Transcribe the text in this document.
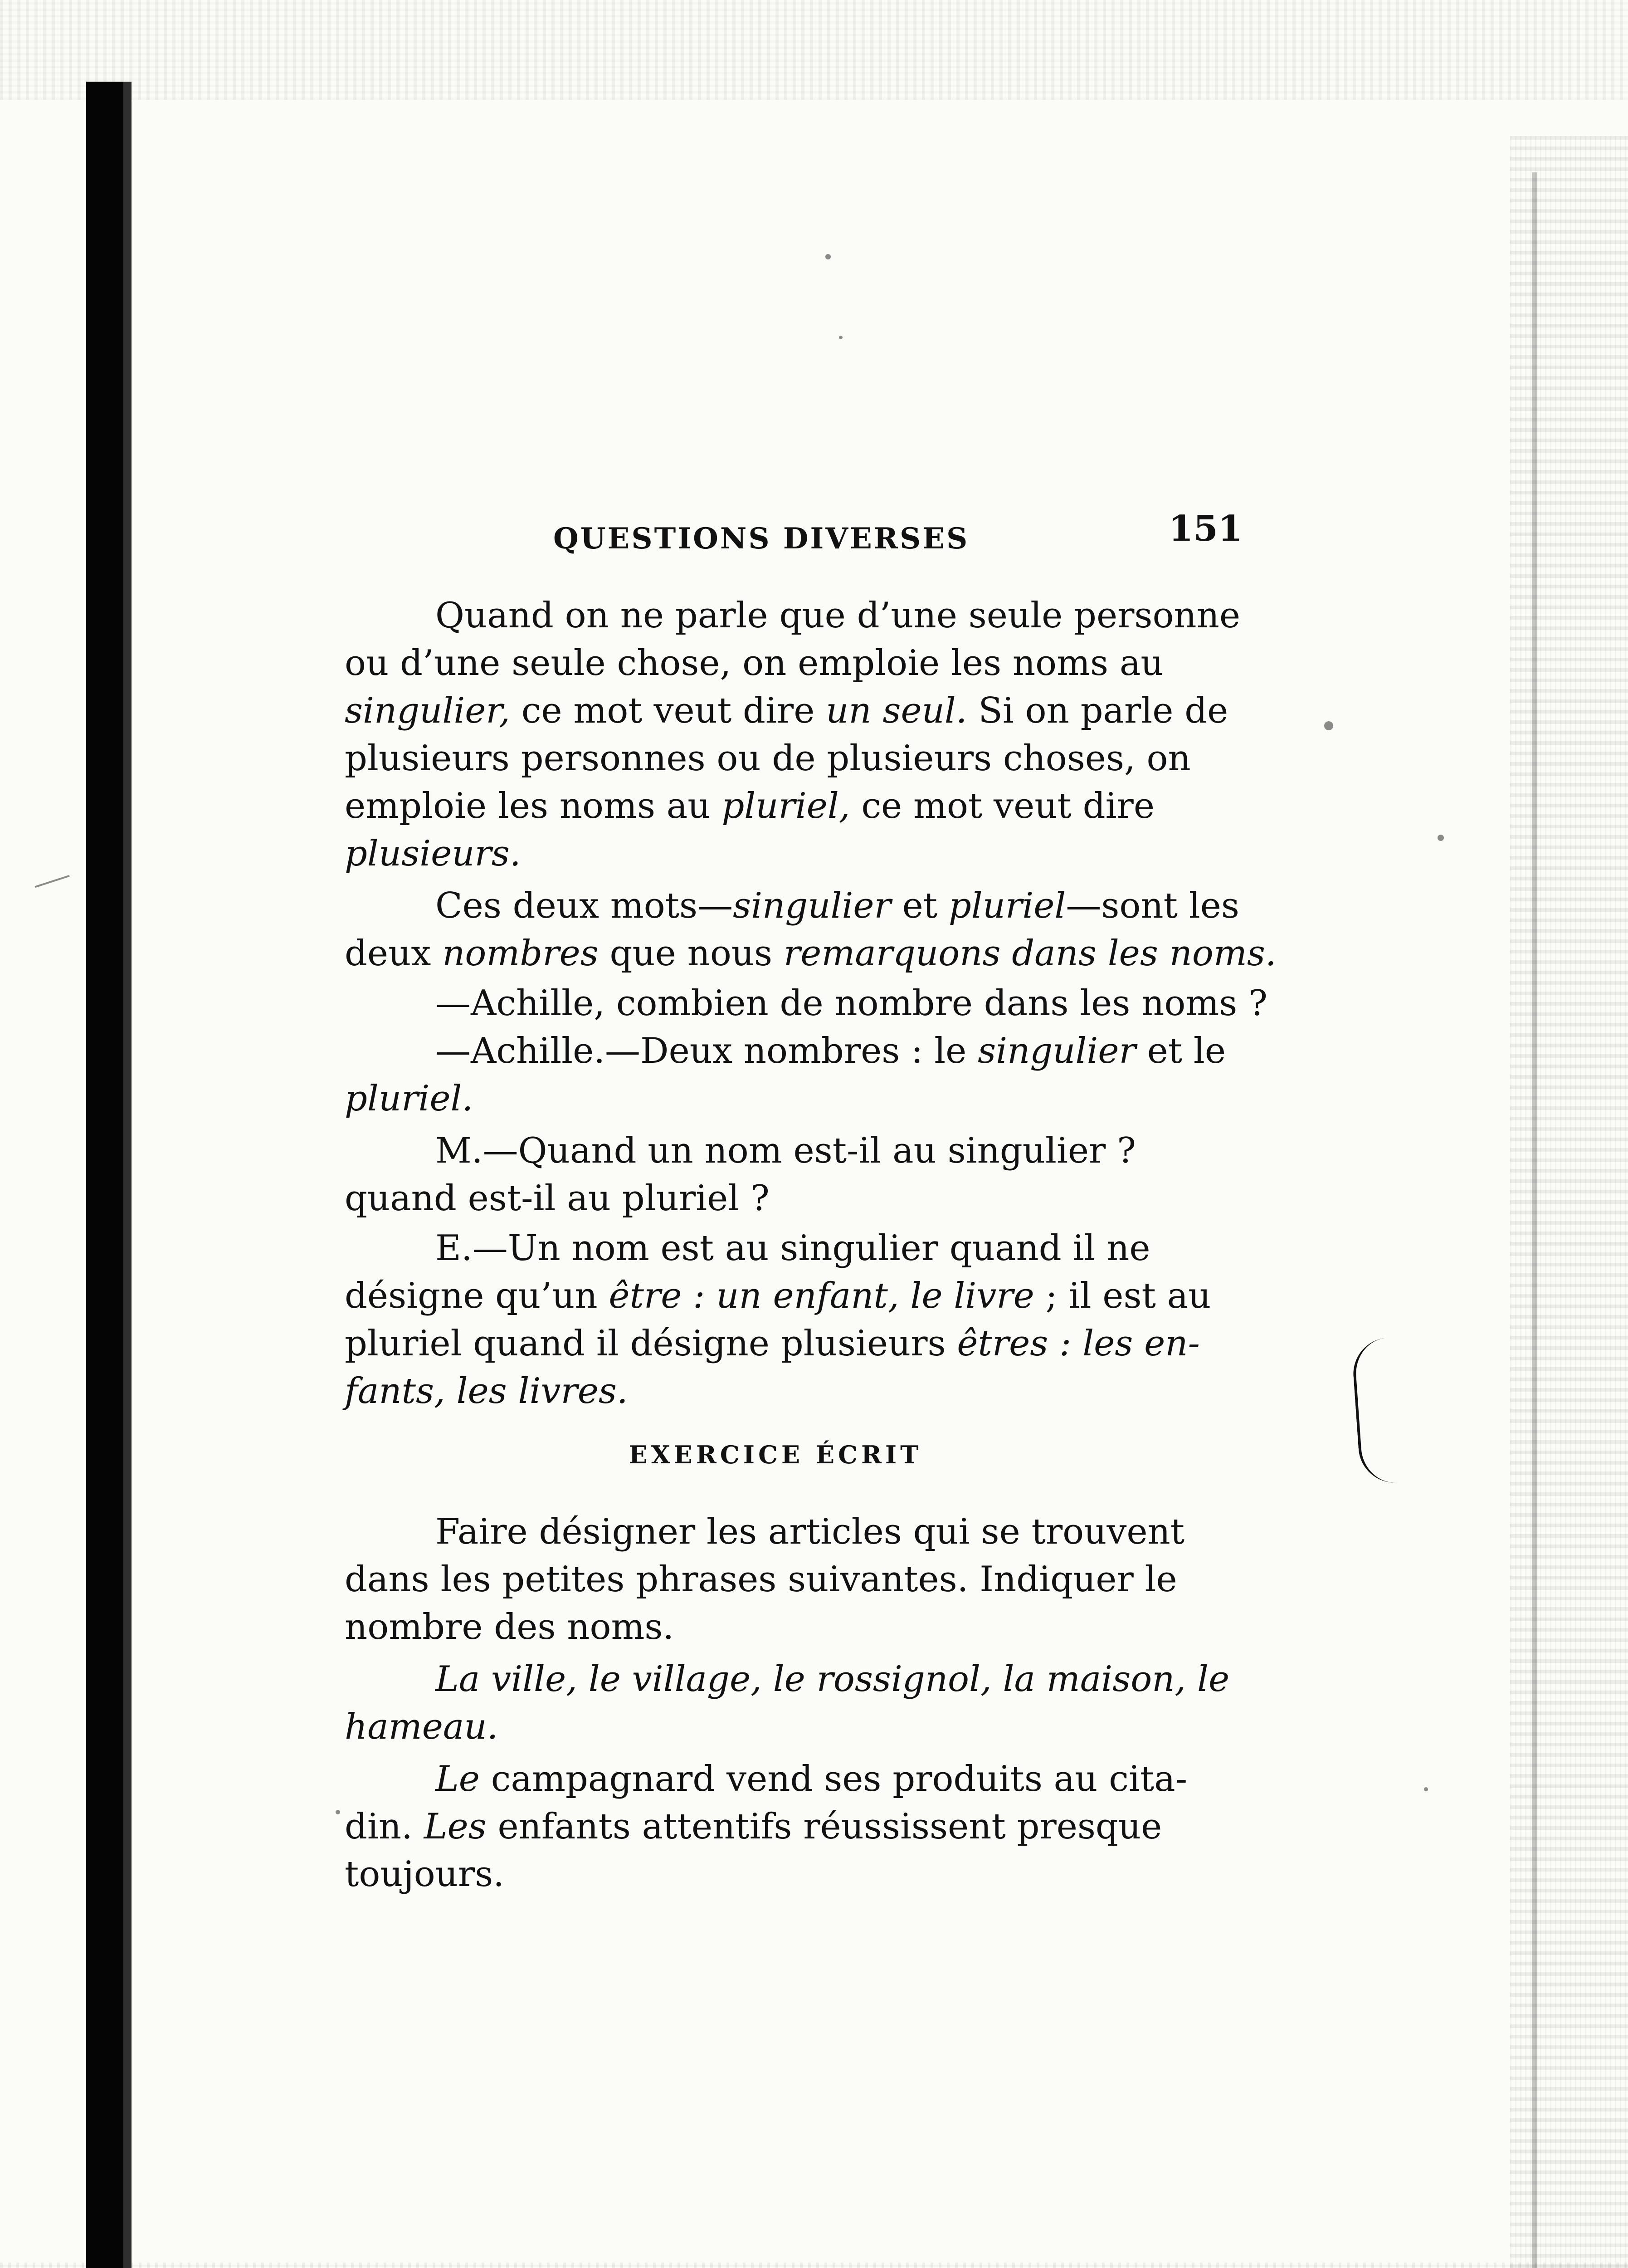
QUESTIONS DIVERSES	151
Quand on ne parle que d’une seule personne
ou d’une seule chose, on emploie les noms au
singulier, ce mot veut dire un seul. Si on parle de
plusieurs personnes ou de plusieurs choses, on
emploie les noms au pluriel, ce mot veut dire
plusieurs.
Ces deux mots—singulier et pluriel—sont les
deux nombres que nous remarquons dans les noms.
—Achille, combien de nombre dans les noms ?
—Achille.—Deux nombres : le singulier et le
pluriel.
M.—Quand un nom est-il au singulier ?
quand est-il au pluriel ?
E.—Un nom est au singulier quand il ne
désigne qu’un être : un enfant, le livre ; il est au
pluriel quand il désigne plusieurs êtres : les en-
fants, les livres.
EXERCICE ÉCRIT
Faire désigner les articles qui se trouvent
dans les petites phrases suivantes. Indiquer le
nombre des noms.
La ville, le village, le rossignol, la maison, le
hameau.
Le campagnard vend ses produits au cita-
din. Les enfants attentifs réussissent presque
toujours.
